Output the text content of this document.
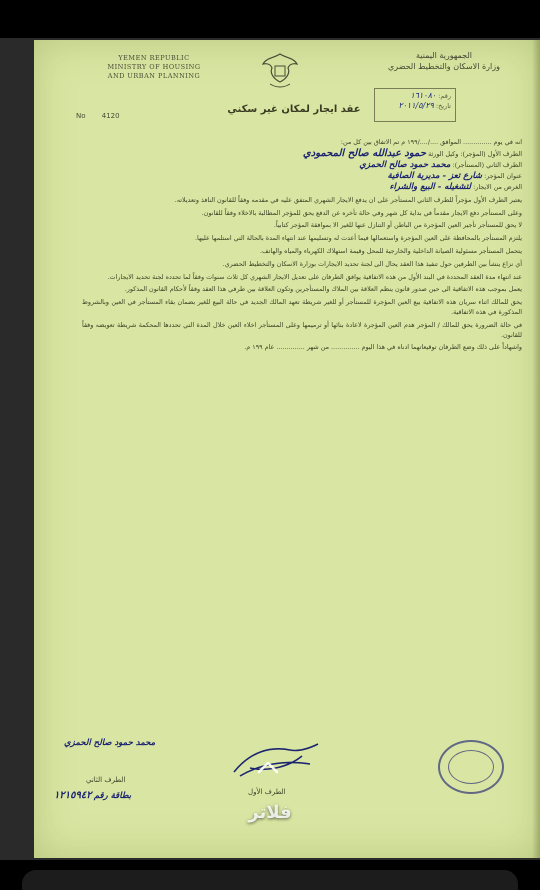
الجمهورية اليمنية
وزارة الاسكان والتخطيط الحضري
YEMEN REPUBLIC
MINISTRY OF HOUSING
AND URBAN PLANNING
رقم: ١٦١٠٨٠
تاريخ: ٢٠١١/٥/٢٩
No 4120
عقد ايجار لمكان غير سكني

انه في يوم .............. الموافق ..../..../١٩٩ م تم الاتفاق بين كل من:

الطرف الأول (المؤجر): وكيل الورثة حمود عبدالله صالح المحمودي

الطرف الثاني (المستأجر): محمد حمود صالح الحمزي

عنوان المؤجر: شارع تعز - مديرية الصافية

الغرض من الايجار: لتشغيله - البيع والشراء

يعتبر الطرف الأول مؤجراً للطرف الثاني المستأجر على ان يدفع الايجار الشهري المتفق عليه في مقدمه وفقاً للقانون النافذ وتعديلاته.

وعلى المستأجر دفع الايجار مقدماً في بداية كل شهر وفي حالة تأخره عن الدفع يحق للمؤجر المطالبة بالاخلاء وفقاً للقانون.

لا يحق للمستأجر تأجير العين المؤجرة من الباطن أو التنازل عنها للغير الا بموافقة المؤجر كتابياً.

يلتزم المستأجر بالمحافظة على العين المؤجرة واستعمالها فيما أعدت له وتسليمها عند انتهاء المدة بالحالة التي استلمها عليها.

يتحمل المستأجر مسئولية الصيانة الداخلية والخارجية للمحل وقيمة استهلاك الكهرباء والمياه والهاتف.

أي نزاع ينشأ بين الطرفين حول تنفيذ هذا العقد يحال الى لجنة تحديد الايجارات بوزارة الاسكان والتخطيط الحضري.

عند انتهاء مدة العقد المحددة في البند الأول من هذه الاتفاقية يوافق الطرفان على تعديل الايجار الشهري كل ثلاث سنوات وفقاً لما تحدده لجنة تحديد الايجارات.

يعمل بموجب هذه الاتفاقية الى حين صدور قانون ينظم العلاقة بين الملاك والمستأجرين وتكون العلاقة بين طرفي هذا العقد وفقاً لأحكام القانون المذكور.

يحق للمالك اثناء سريان هذه الاتفاقية بيع العين المؤجرة للمستأجر أو للغير شريطة تعهد المالك الجديد في حالة البيع للغير بضمان بقاء المستأجر في العين وبالشروط المذكورة في هذه الاتفاقية.

في حالة الضرورة يحق للمالك / المؤجر هدم العين المؤجرة لاعادة بنائها أو ترميمها وعلى المستأجر اخلاء العين خلال المدة التي تحددها المحكمة شريطة تعويضه وفقاً للقانون.

واشهاداً على ذلك وضع الطرفان توقيعاتهما ادناه في هذا اليوم .............. من شهر .............. عام ١٩٩ م.

الطرف الأول
محمد حمود صالح الحمزي
الطرف الثاني
بطاقة رقم ١٢١٥٩٤٢
فلاتر
